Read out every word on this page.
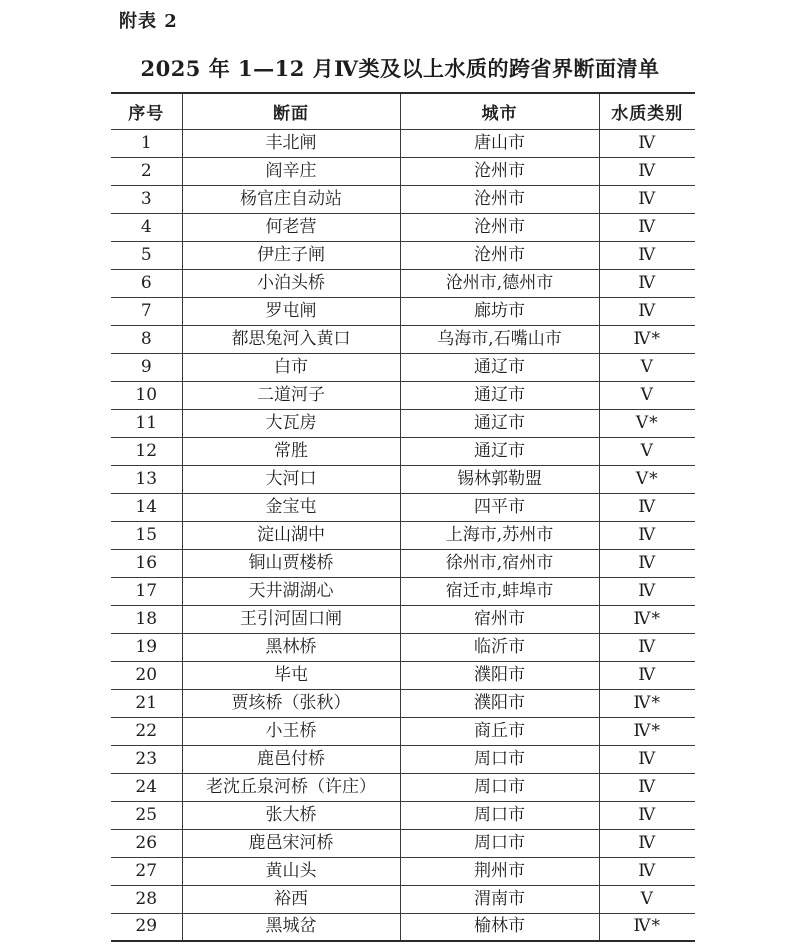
附表 2
2025 年 1—12 月Ⅳ类及以上水质的跨省界断面清单
序号	断面	城市	水质类别
1	丰北闸	唐山市	Ⅳ
2	阎辛庄	沧州市	Ⅳ
3	杨官庄自动站	沧州市	Ⅳ
4	何老营	沧州市	Ⅳ
5	伊庄子闸	沧州市	Ⅳ
6	小泊头桥	沧州市,德州市	Ⅳ
7	罗屯闸	廊坊市	Ⅳ
8	都思兔河入黄口	乌海市,石嘴山市	Ⅳ*
9	白市	通辽市	Ⅴ
10	二道河子	通辽市	Ⅴ
11	大瓦房	通辽市	Ⅴ*
12	常胜	通辽市	Ⅴ
13	大河口	锡林郭勒盟	Ⅴ*
14	金宝屯	四平市	Ⅳ
15	淀山湖中	上海市,苏州市	Ⅳ
16	铜山贾楼桥	徐州市,宿州市	Ⅳ
17	天井湖湖心	宿迁市,蚌埠市	Ⅳ
18	王引河固口闸	宿州市	Ⅳ*
19	黑林桥	临沂市	Ⅳ
20	毕屯	濮阳市	Ⅳ
21	贾垓桥（张秋）	濮阳市	Ⅳ*
22	小王桥	商丘市	Ⅳ*
23	鹿邑付桥	周口市	Ⅳ
24	老沈丘泉河桥（许庄）	周口市	Ⅳ
25	张大桥	周口市	Ⅳ
26	鹿邑宋河桥	周口市	Ⅳ
27	黄山头	荆州市	Ⅳ
28	裕西	渭南市	Ⅴ
29	黑城岔	榆林市	Ⅳ*
